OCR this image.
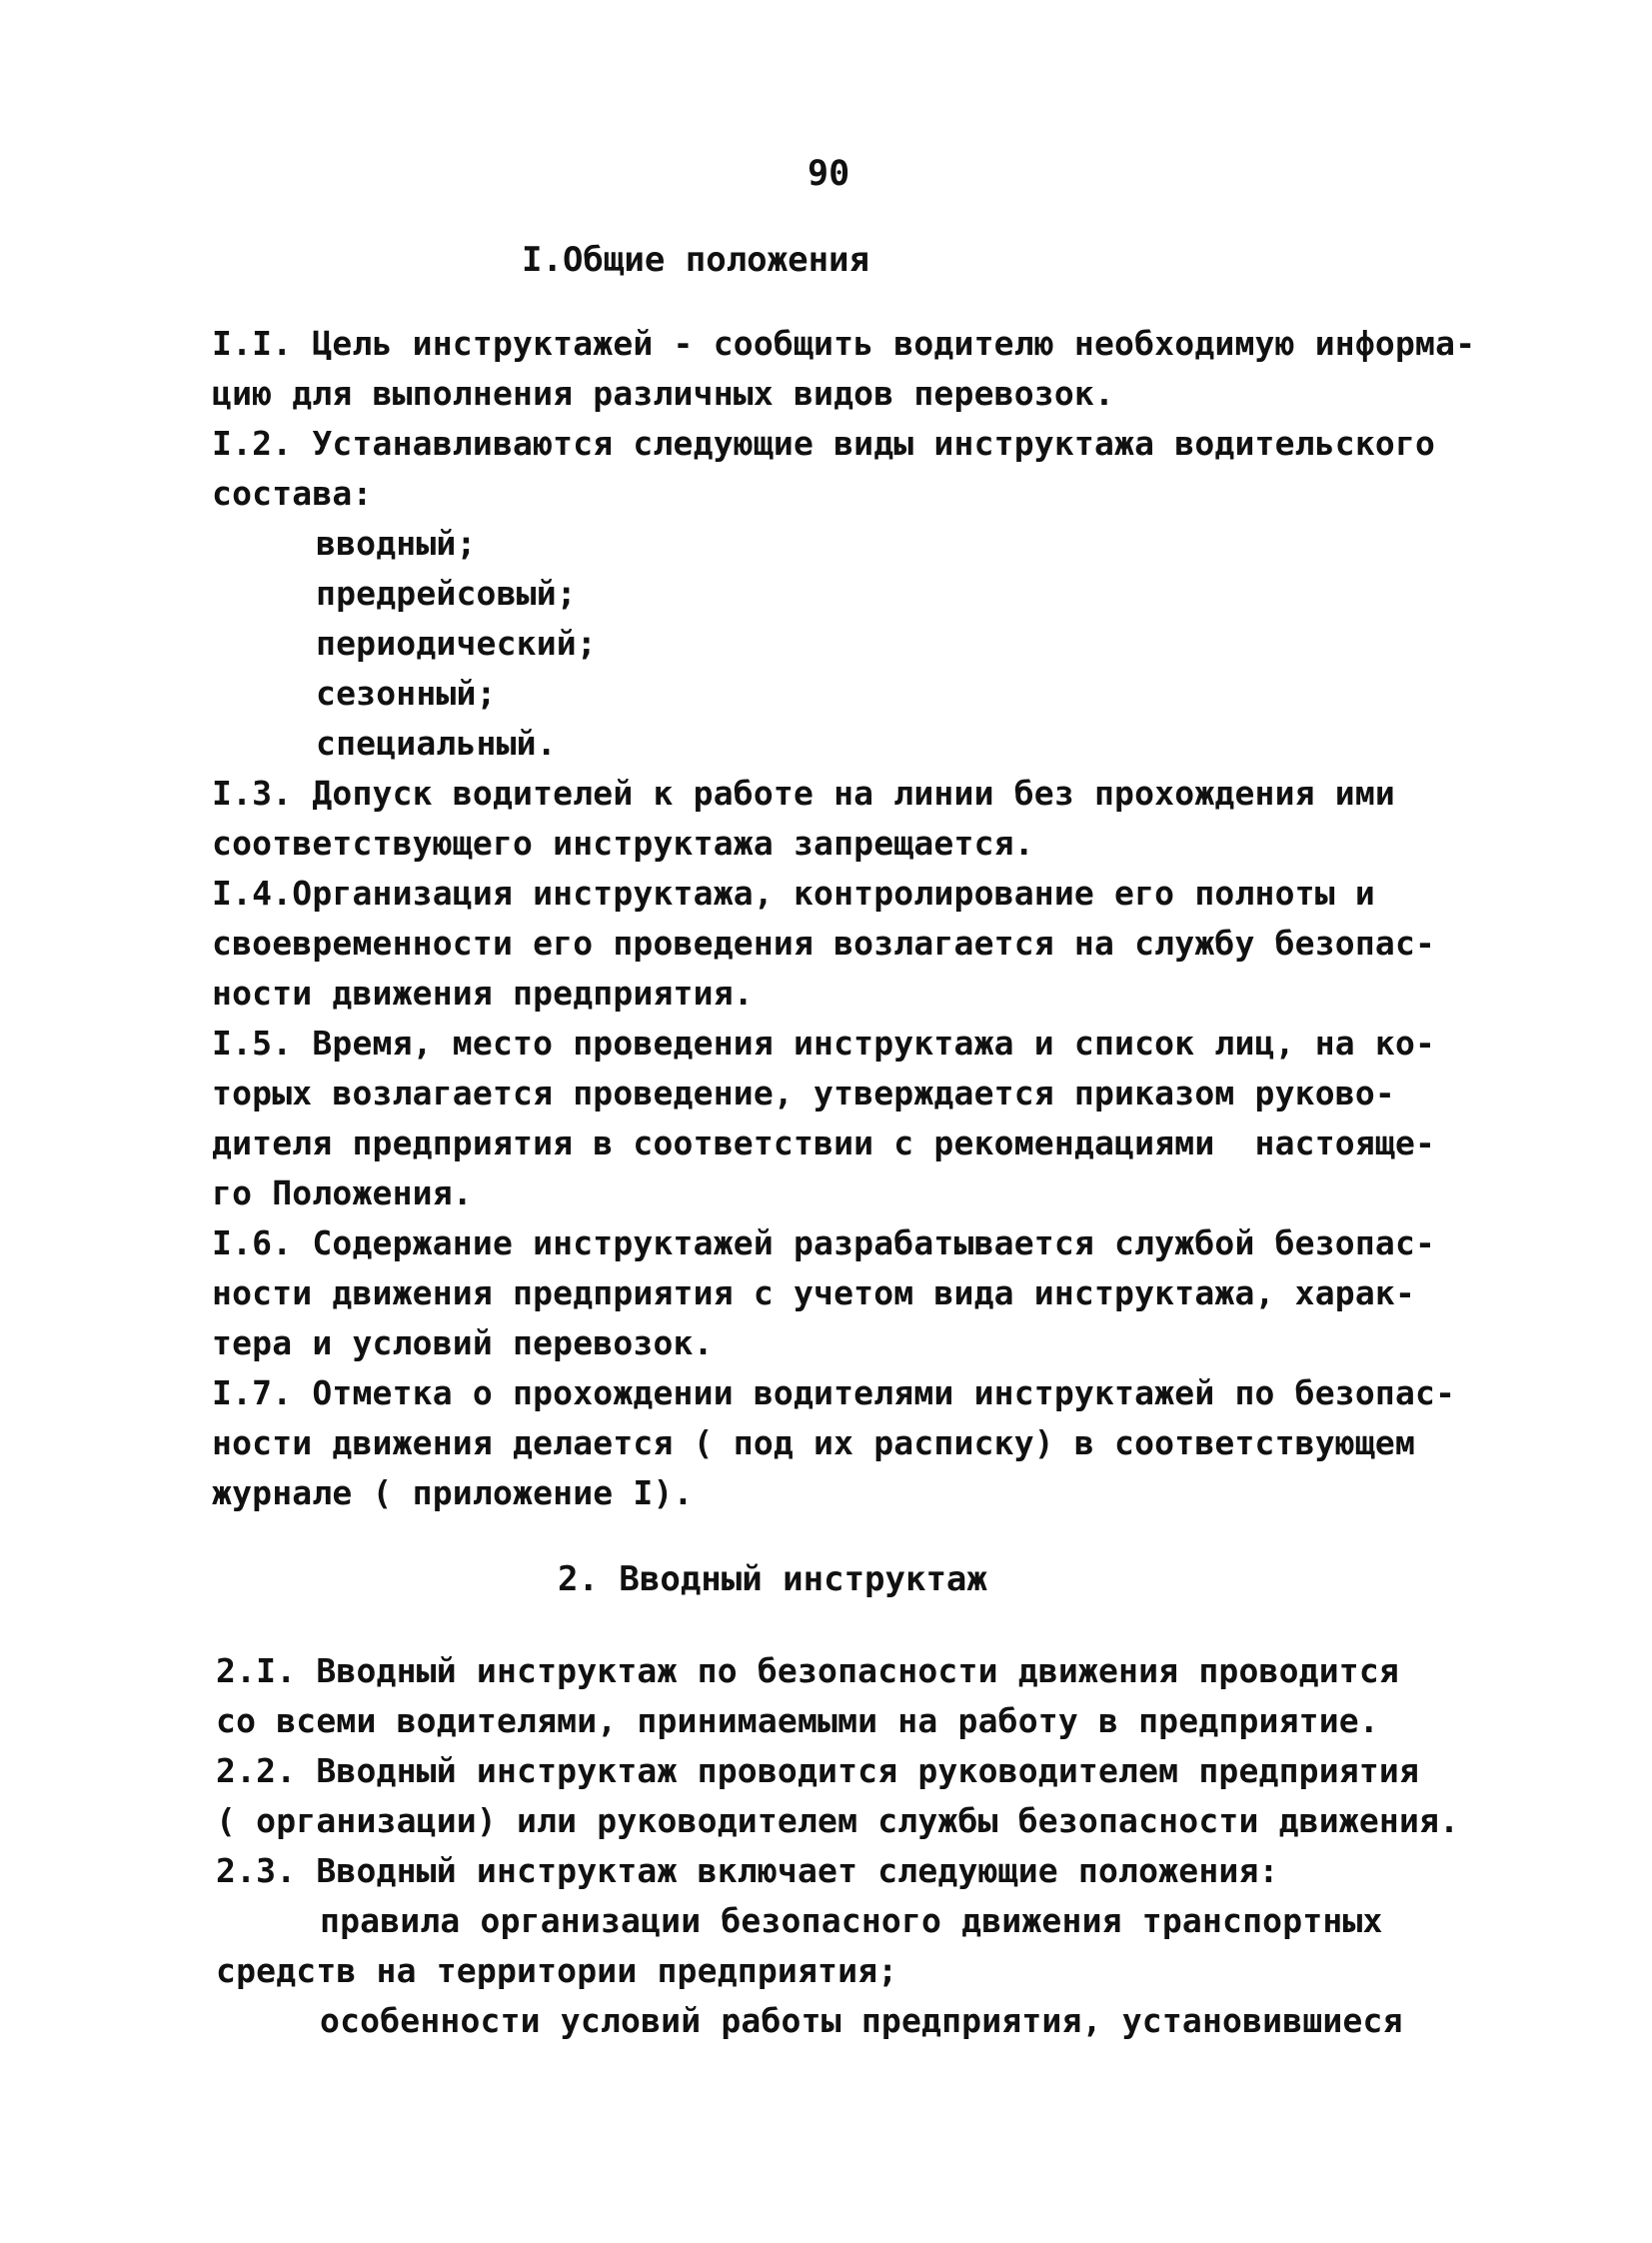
90
I.Общие положения
I.I. Цель инструктажей - сообщить водителю необходимую информа-
цию для выполнения различных видов перевозок.
I.2. Устанавливаются следующие виды инструктажа водительского
состава:
вводный;
предрейсовый;
периодический;
сезонный;
специальный.
I.3. Допуск водителей к работе на линии без прохождения ими
соответствующего инструктажа запрещается.
I.4.Организация инструктажа, контролирование его полноты и
своевременности его проведения возлагается на службу безопас-
ности движения предприятия.
I.5. Время, место проведения инструктажа и список лиц, на ко-
торых возлагается проведение, утверждается приказом руково-
дителя предприятия в соответствии с рекомендациями  настояще-
го Положения.
I.6. Содержание инструктажей разрабатывается службой безопас-
ности движения предприятия с учетом вида инструктажа, харак-
тера и условий перевозок.
I.7. Отметка о прохождении водителями инструктажей по безопас-
ности движения делается ( под их расписку) в соответствующем
журнале ( приложение I).
2. Вводный инструктаж
2.I. Вводный инструктаж по безопасности движения проводится
со всеми водителями, принимаемыми на работу в предприятие.
2.2. Вводный инструктаж проводится руководителем предприятия
( организации) или руководителем службы безопасности движения.
2.3. Вводный инструктаж включает следующие положения:
правила организации безопасного движения транспортных
средств на территории предприятия;
особенности условий работы предприятия, установившиеся
